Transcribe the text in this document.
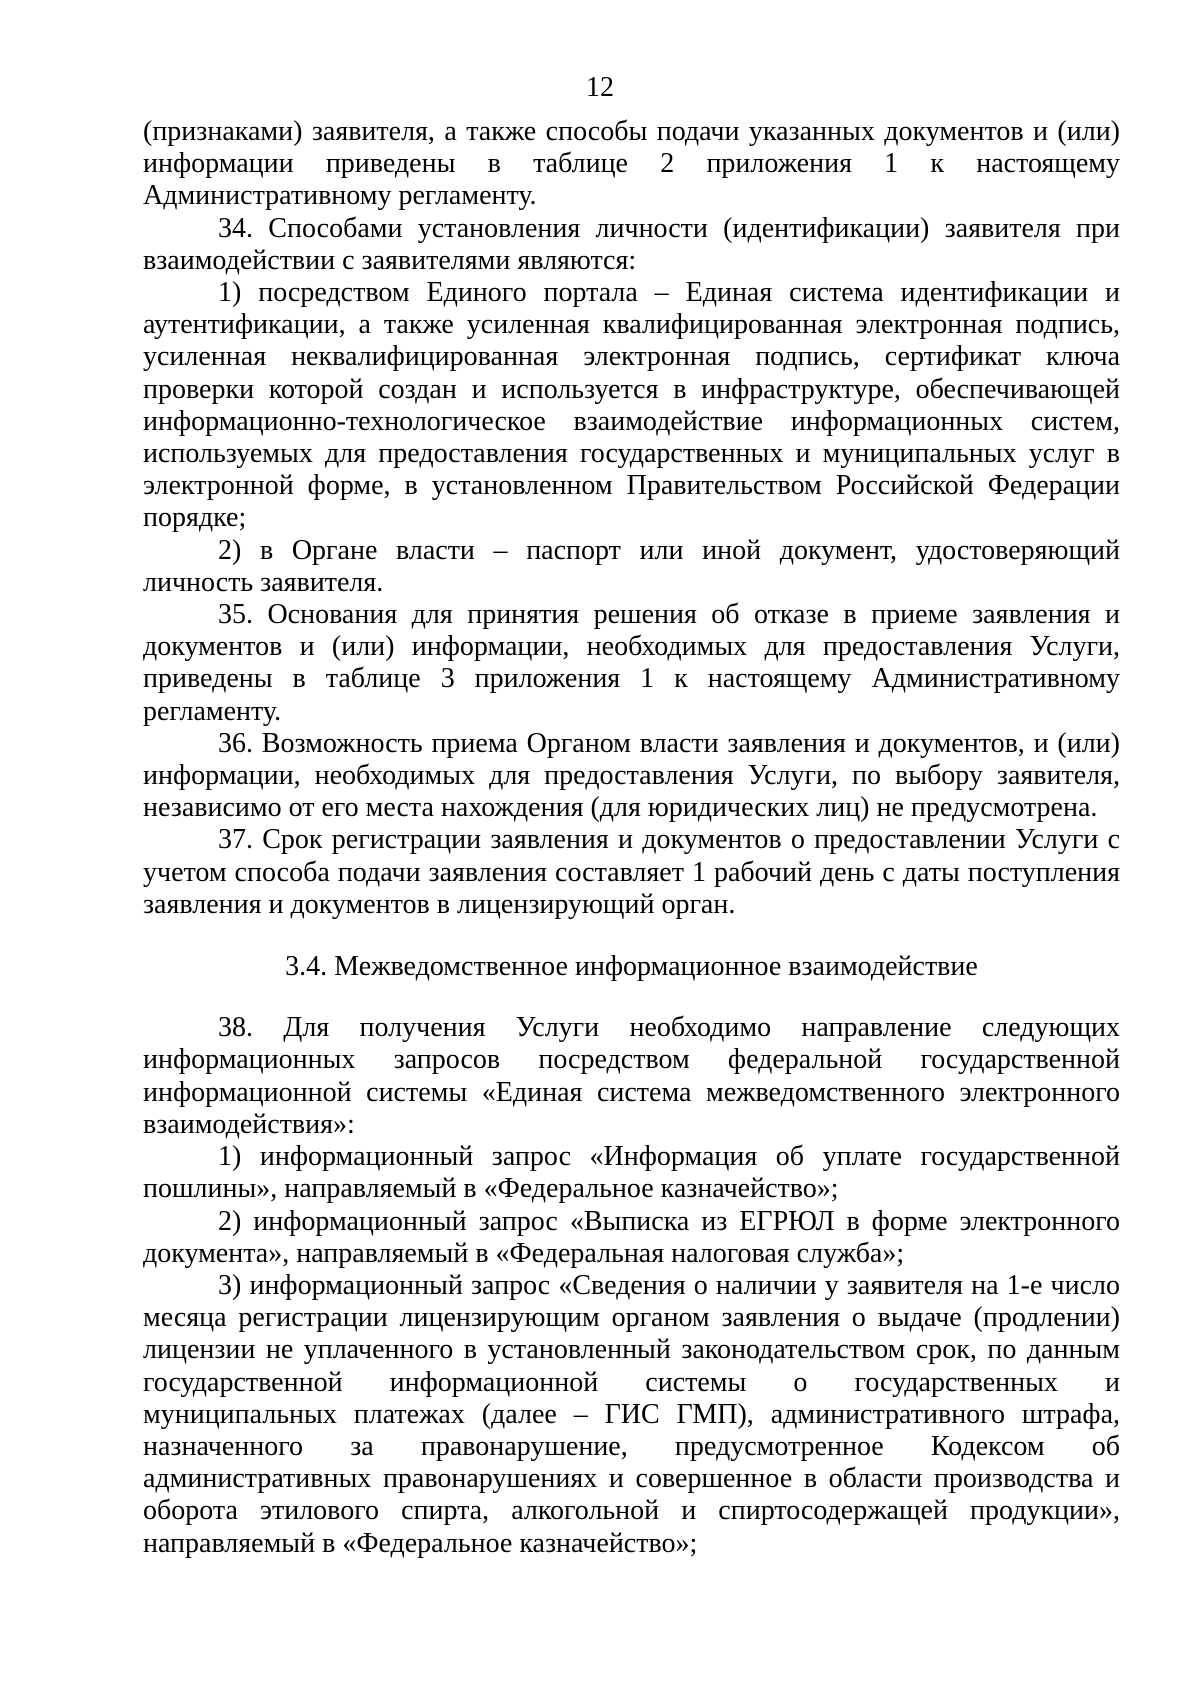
12

(признаками) заявителя, а также способы подачи указанных документов и (или) информации приведены в таблице 2 приложения 1 к настоящему Административному регламенту.

34. Способами установления личности (идентификации) заявителя при взаимодействии с заявителями являются:

1) посредством Единого портала – Единая система идентификации и аутентификации, а также усиленная квалифицированная электронная подпись, усиленная неквалифицированная электронная подпись, сертификат ключа проверки которой создан и используется в инфраструктуре, обеспечивающей информационно-технологическое взаимодействие информационных систем, используемых для предоставления государственных и муниципальных услуг в электронной форме, в установленном Правительством Российской Федерации порядке;

2) в Органе власти – паспорт или иной документ, удостоверяющий личность заявителя.

35. Основания для принятия решения об отказе в приеме заявления и документов и (или) информации, необходимых для предоставления Услуги, приведены в таблице 3 приложения 1 к настоящему Административному регламенту.

36. Возможность приема Органом власти заявления и документов, и (или) информации, необходимых для предоставления Услуги, по выбору заявителя, независимо от его места нахождения (для юридических лиц) не предусмотрена.

37. Срок регистрации заявления и документов о предоставлении Услуги с учетом способа подачи заявления составляет 1 рабочий день с даты поступления заявления и документов в лицензирующий орган.

3.4. Межведомственное информационное взаимодействие

38. Для получения Услуги необходимо направление следующих информационных запросов посредством федеральной государственной информационной системы «Единая система межведомственного электронного взаимодействия»:

1) информационный запрос «Информация об уплате государственной пошлины», направляемый в «Федеральное казначейство»;

2) информационный запрос «Выписка из ЕГРЮЛ в форме электронного документа», направляемый в «Федеральная налоговая служба»;

3) информационный запрос «Сведения о наличии у заявителя на 1-е число месяца регистрации лицензирующим органом заявления о выдаче (продлении) лицензии не уплаченного в установленный законодательством срок, по данным государственной информационной системы о государственных и муниципальных платежах (далее – ГИС ГМП), административного штрафа, назначенного за правонарушение, предусмотренное Кодексом об административных правонарушениях и совершенное в области производства и оборота этилового спирта, алкогольной и спиртосодержащей продукции», направляемый в «Федеральное казначейство»;
